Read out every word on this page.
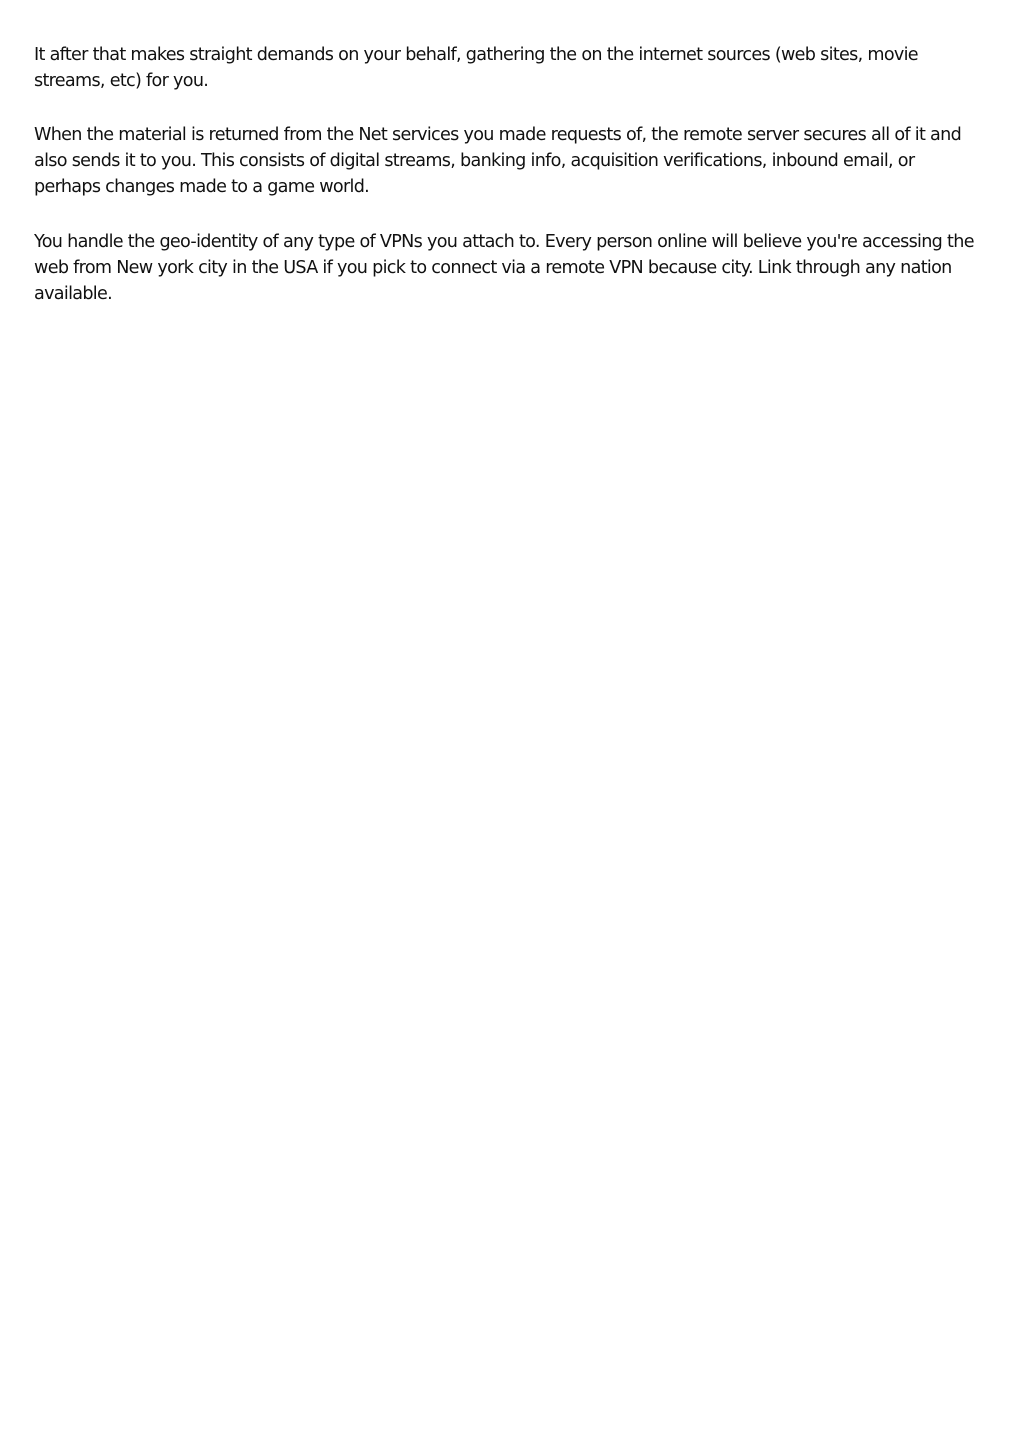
It after that makes straight demands on your behalf, gathering the on the internet sources (web sites, movie streams, etc) for you.

When the material is returned from the Net services you made requests of, the remote server secures all of it and also sends it to you. This consists of digital streams, banking info, acquisition verifications, inbound email, or perhaps changes made to a game world.

You handle the geo-identity of any type of VPNs you attach to. Every person online will believe you're accessing the web from New york city in the USA if you pick to connect via a remote VPN because city. Link through any nation available.
